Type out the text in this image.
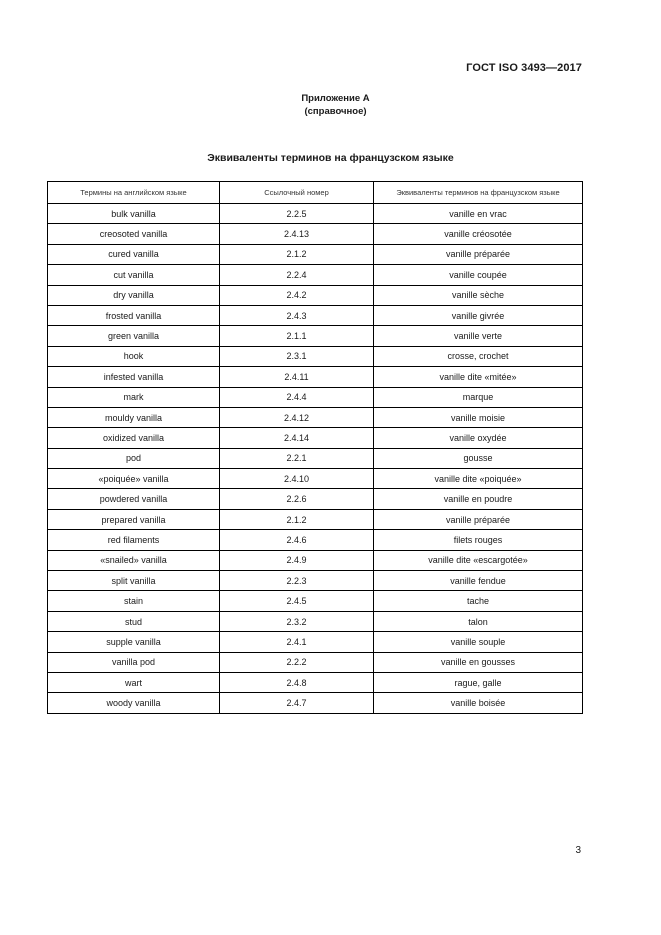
ГОСТ ISO 3493—2017
Приложение А
(справочное)
Эквиваленты терминов на французском языке
Термины на английском языке	Ссылочный номер	Эквиваленты терминов на французском языке
bulk vanilla	2.2.5	vanille en vrac
creosoted vanilla	2.4.13	vanille créosotée
cured vanilla	2.1.2	vanille préparée
cut vanilla	2.2.4	vanille coupée
dry vanilla	2.4.2	vanille sèche
frosted vanilla	2.4.3	vanille givrée
green vanilla	2.1.1	vanille verte
hook	2.3.1	crosse, crochet
infested vanilla	2.4.11	vanille dite «mitée»
mark	2.4.4	marque
mouldy vanilla	2.4.12	vanille moisie
oxidized vanilla	2.4.14	vanille oxydée
pod	2.2.1	gousse
«poiquée» vanilla	2.4.10	vanille dite «poiquée»
powdered vanilla	2.2.6	vanille en poudre
prepared vanilla	2.1.2	vanille préparée
red filaments	2.4.6	filets rouges
«snailed» vanilla	2.4.9	vanille dite «escargotée»
split vanilla	2.2.3	vanille fendue
stain	2.4.5	tache
stud	2.3.2	talon
supple vanilla	2.4.1	vanille souple
vanilla pod	2.2.2	vanille en gousses
wart	2.4.8	rague, galle
woody vanilla	2.4.7	vanille boisée
3
